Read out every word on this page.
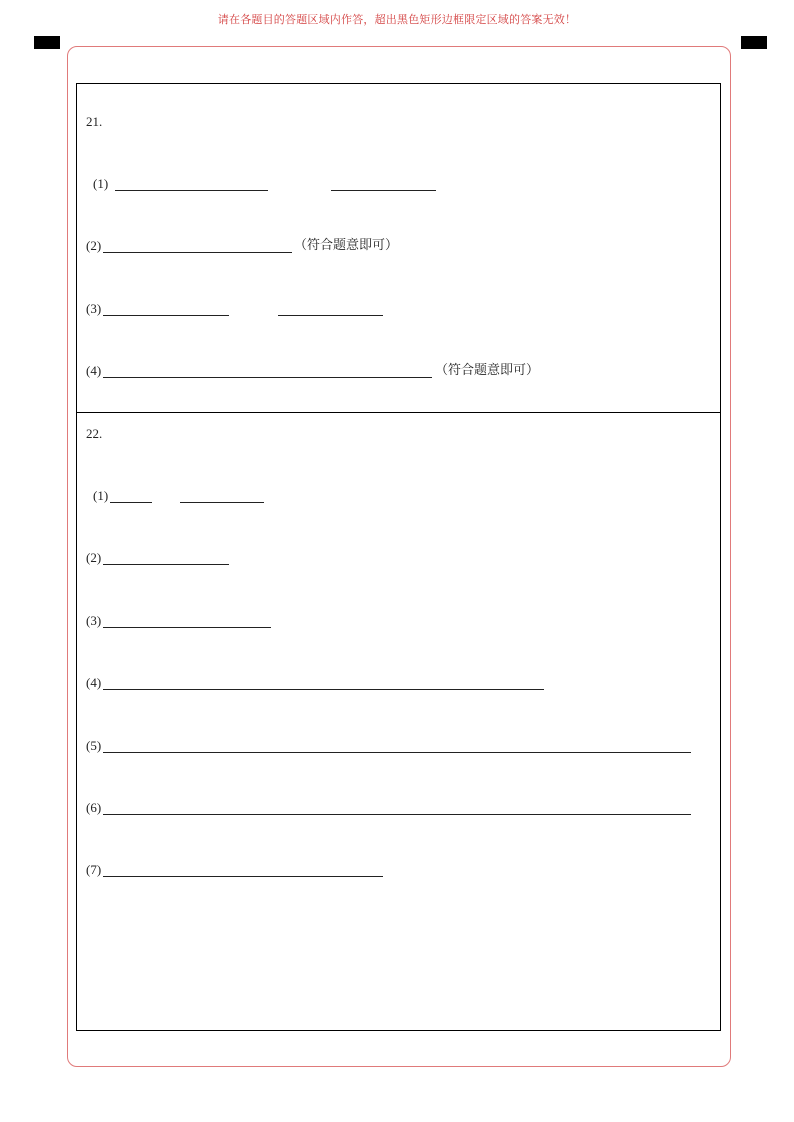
请在各题目的答题区域内作答，超出黑色矩形边框限定区域的答案无效！
21.
(1)
(2)	（符合题意即可）
(3)
(4)	（符合题意即可）
22.
(1)
(2)
(3)
(4)
(5)
(6)
(7)
